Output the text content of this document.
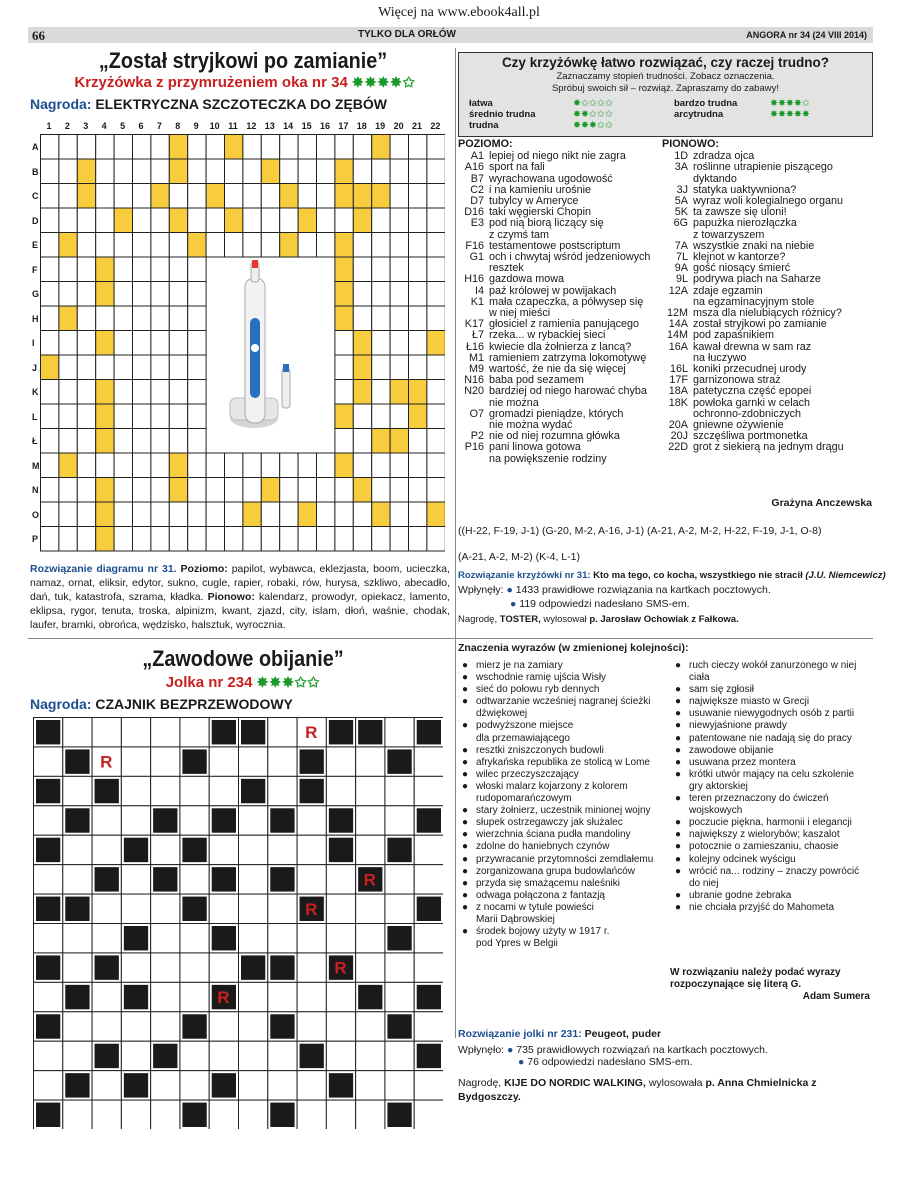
Więcej na www.ebook4all.pl
66	TYLKO DLA ORŁÓW	ANGORA nr 34 (24 VIII 2014)
„Został stryjkowi po zamianie”
Krzyżówka z przymrużeniem oka nr 34 ✸✸✸✸✩
Nagroda: ELEKTRYCZNA SZCZOTECZKA DO ZĘBÓW
1	2	3	4	5	6	7	8	9	10 11 12 13 14 15 16 17 18 19 20 21 22
A
B
C
D
E
F
G
H
I
J
K
L
Ł
M
N
O
P
Rozwiązanie diagramu nr 31. Poziomo: papilot, wybawca, eklezjasta, boom, ucieczka, namaz, ornat, eliksir, edytor, sukno, cugle, rapier, robaki, rów, hurysa, szkliwo, abecadło, dań, tuk, katastrofa, szrama, kładka. Pionowo: kalendarz, prowodyr, opiekacz, lamento, eklipsa, rygor, tenuta, troska, alpinizm, kwant, zjazd, city, islam, dłoń, waśnie, chodak, laufer, bramki, obrońca, wędzisko, halsztuk, wyrocznia.
Czy krzyżówkę łatwo rozwiązać, czy raczej trudno?
Zaznaczamy stopień trudności. Zobacz oznaczenia.
Spróbuj swoich sił – rozwiąż. Zapraszamy do zabawy!
łatwa	✸✩✩✩✩
średnio trudna	✸✸✩✩✩
trudna	✸✸✸✩✩
bardzo trudna	✸✸✸✸✩
arcytrudna	✸✸✸✸✸
POZIOMO:
A1 lepiej od niego nikt nie zagra
A16 sport na fali
B7 wyrachowana ugodowość
C2 i na kamieniu urośnie
D7 tubylcy w Ameryce
D16 taki węgierski Chopin
E3 pod nią biorą liczący się
z czymś tam
F16 testamentowe postscriptum
G1 och i chwytaj wśród jedzeniowych
resztek
H16 gazdowa mowa
I4 paź królowej w powijakach
K1 mała czapeczka, a półwysep się
w niej mieści
K17 głosiciel z ramienia panującego
Ł7 rzeka... w rybackiej sieci
Ł16 kwiecie dla żołnierza z lancą?
M1 ramieniem zatrzyma lokomotywę
M9 wartość, że nie da się więcej
N16 baba pod sezamem
N20 bardziej od niego harować chyba
nie można
O7 gromadzi pieniądze, których
nie można wydać
P2 nie od niej rozumna główka
P16 pani linowa gotowa
na powiększenie rodziny
PIONOWO:
1D zdradza ojca
3A roślinne utrapienie piszącego
dyktando
3J statyka uaktywniona?
5A wyraz woli kolegialnego organu
5K ta zawsze się uloni!
6G papużka nierozłączka
z towarzyszem
7A wszystkie znaki na niebie
7L klejnot w kantorze?
9A gość niosący śmierć
9L podrywa piach na Saharze
12A zdaje egzamin
na egzaminacyjnym stole
12M msza dla nielubiących różnicy?
14A został stryjkowi po zamianie
14M pod zapaśnikiem
16A kawał drewna w sam raz
na łuczywo
16L koniki przecudnej urody
17F garnizonowa straż
18A patetyczna część epopei
18K powłoka garnki w celach
ochronno-zdobniczych
20A gniewne ożywienie
20J szczęśliwa portmonetka
22D grot z siekierą na jednym drągu
Grażyna Anczewska
((H-22, F-19, J-1) (G-20, M-2, A-16, J-1) (A-21, A-2, M-2, H-22, F-19, J-1, O-8)
(A-21, A-2, M-2) (K-4, L-1)
Rozwiązanie krzyżówki nr 31: Kto ma tego, co kocha, wszystkiego nie stracił (J.U. Niemcewicz)
Wpłynęły: ● 1433 prawidłowe rozwiązania na kartkach pocztowych.
● 119 odpowiedzi nadesłano SMS-em.
Nagrodę, TOSTER, wylosował p. Jarosław Ochowiak z Fałkowa.
„Zawodowe obijanie”
Jolka nr 234 ✸✸✸✩✩
Nagroda: CZAJNIK BEZPRZEWODOWY
R
R
R
R
R
R
Znaczenia wyrazów (w zmienionej kolejności):
● mierz je na zamiary
● wschodnie ramię ujścia Wisły
● sieć do połowu ryb dennych
● odtwarzanie wcześniej nagranej ścieżki
dźwiękowej
● podwyższone miejsce
dla przemawiającego
● resztki zniszczonych budowli
● afrykańska republika ze stolicą w Lome
● wilec przeczyszczający
● włoski malarz kojarzony z kolorem
rudopomarańczowym
● stary żołnierz, uczestnik minionej wojny
● słupek ostrzegawczy jak służalec
● wierzchnia ściana pudła mandoliny
● zdolne do haniebnych czynów
● przywracanie przytomności zemdlałemu
● zorganizowana grupa budowlańców
● przyda się smażącemu naleśniki
● odwaga połączona z fantazją
● z nocami w tytule powieści
Marii Dąbrowskiej
● środek bojowy użyty w 1917 r.
pod Ypres w Belgii
● ruch cieczy wokół zanurzonego w niej
ciała
● sam się zgłosił
● największe miasto w Grecji
● usuwanie niewygodnych osób z partii
● niewyjaśnione prawdy
● patentowane nie nadają się do pracy
● zawodowe obijanie
● usuwana przez montera
● krótki utwór mający na celu szkolenie
gry aktorskiej
● teren przeznaczony do ćwiczeń
wojskowych
● poczucie piękna, harmonii i elegancji
● największy z wielorybów; kaszalot
● potocznie o zamieszaniu, chaosie
● kolejny odcinek wyścigu
● wrócić na... rodziny – znaczy powrócić
do niej
● ubranie godne żebraka
● nie chciała przyjść do Mahometa
W rozwiązaniu należy podać wyrazy rozpoczynające się literą G.
Adam Sumera
Rozwiązanie jolki nr 231: Peugeot, puder
Wpłynęło: ● 735 prawidłowych rozwiązań na kartkach pocztowych.
● 76 odpowiedzi nadesłano SMS-em.
Nagrodę, KIJE DO NORDIC WALKING, wylosowała p. Anna Chmielnicka z Bydgoszczy.
